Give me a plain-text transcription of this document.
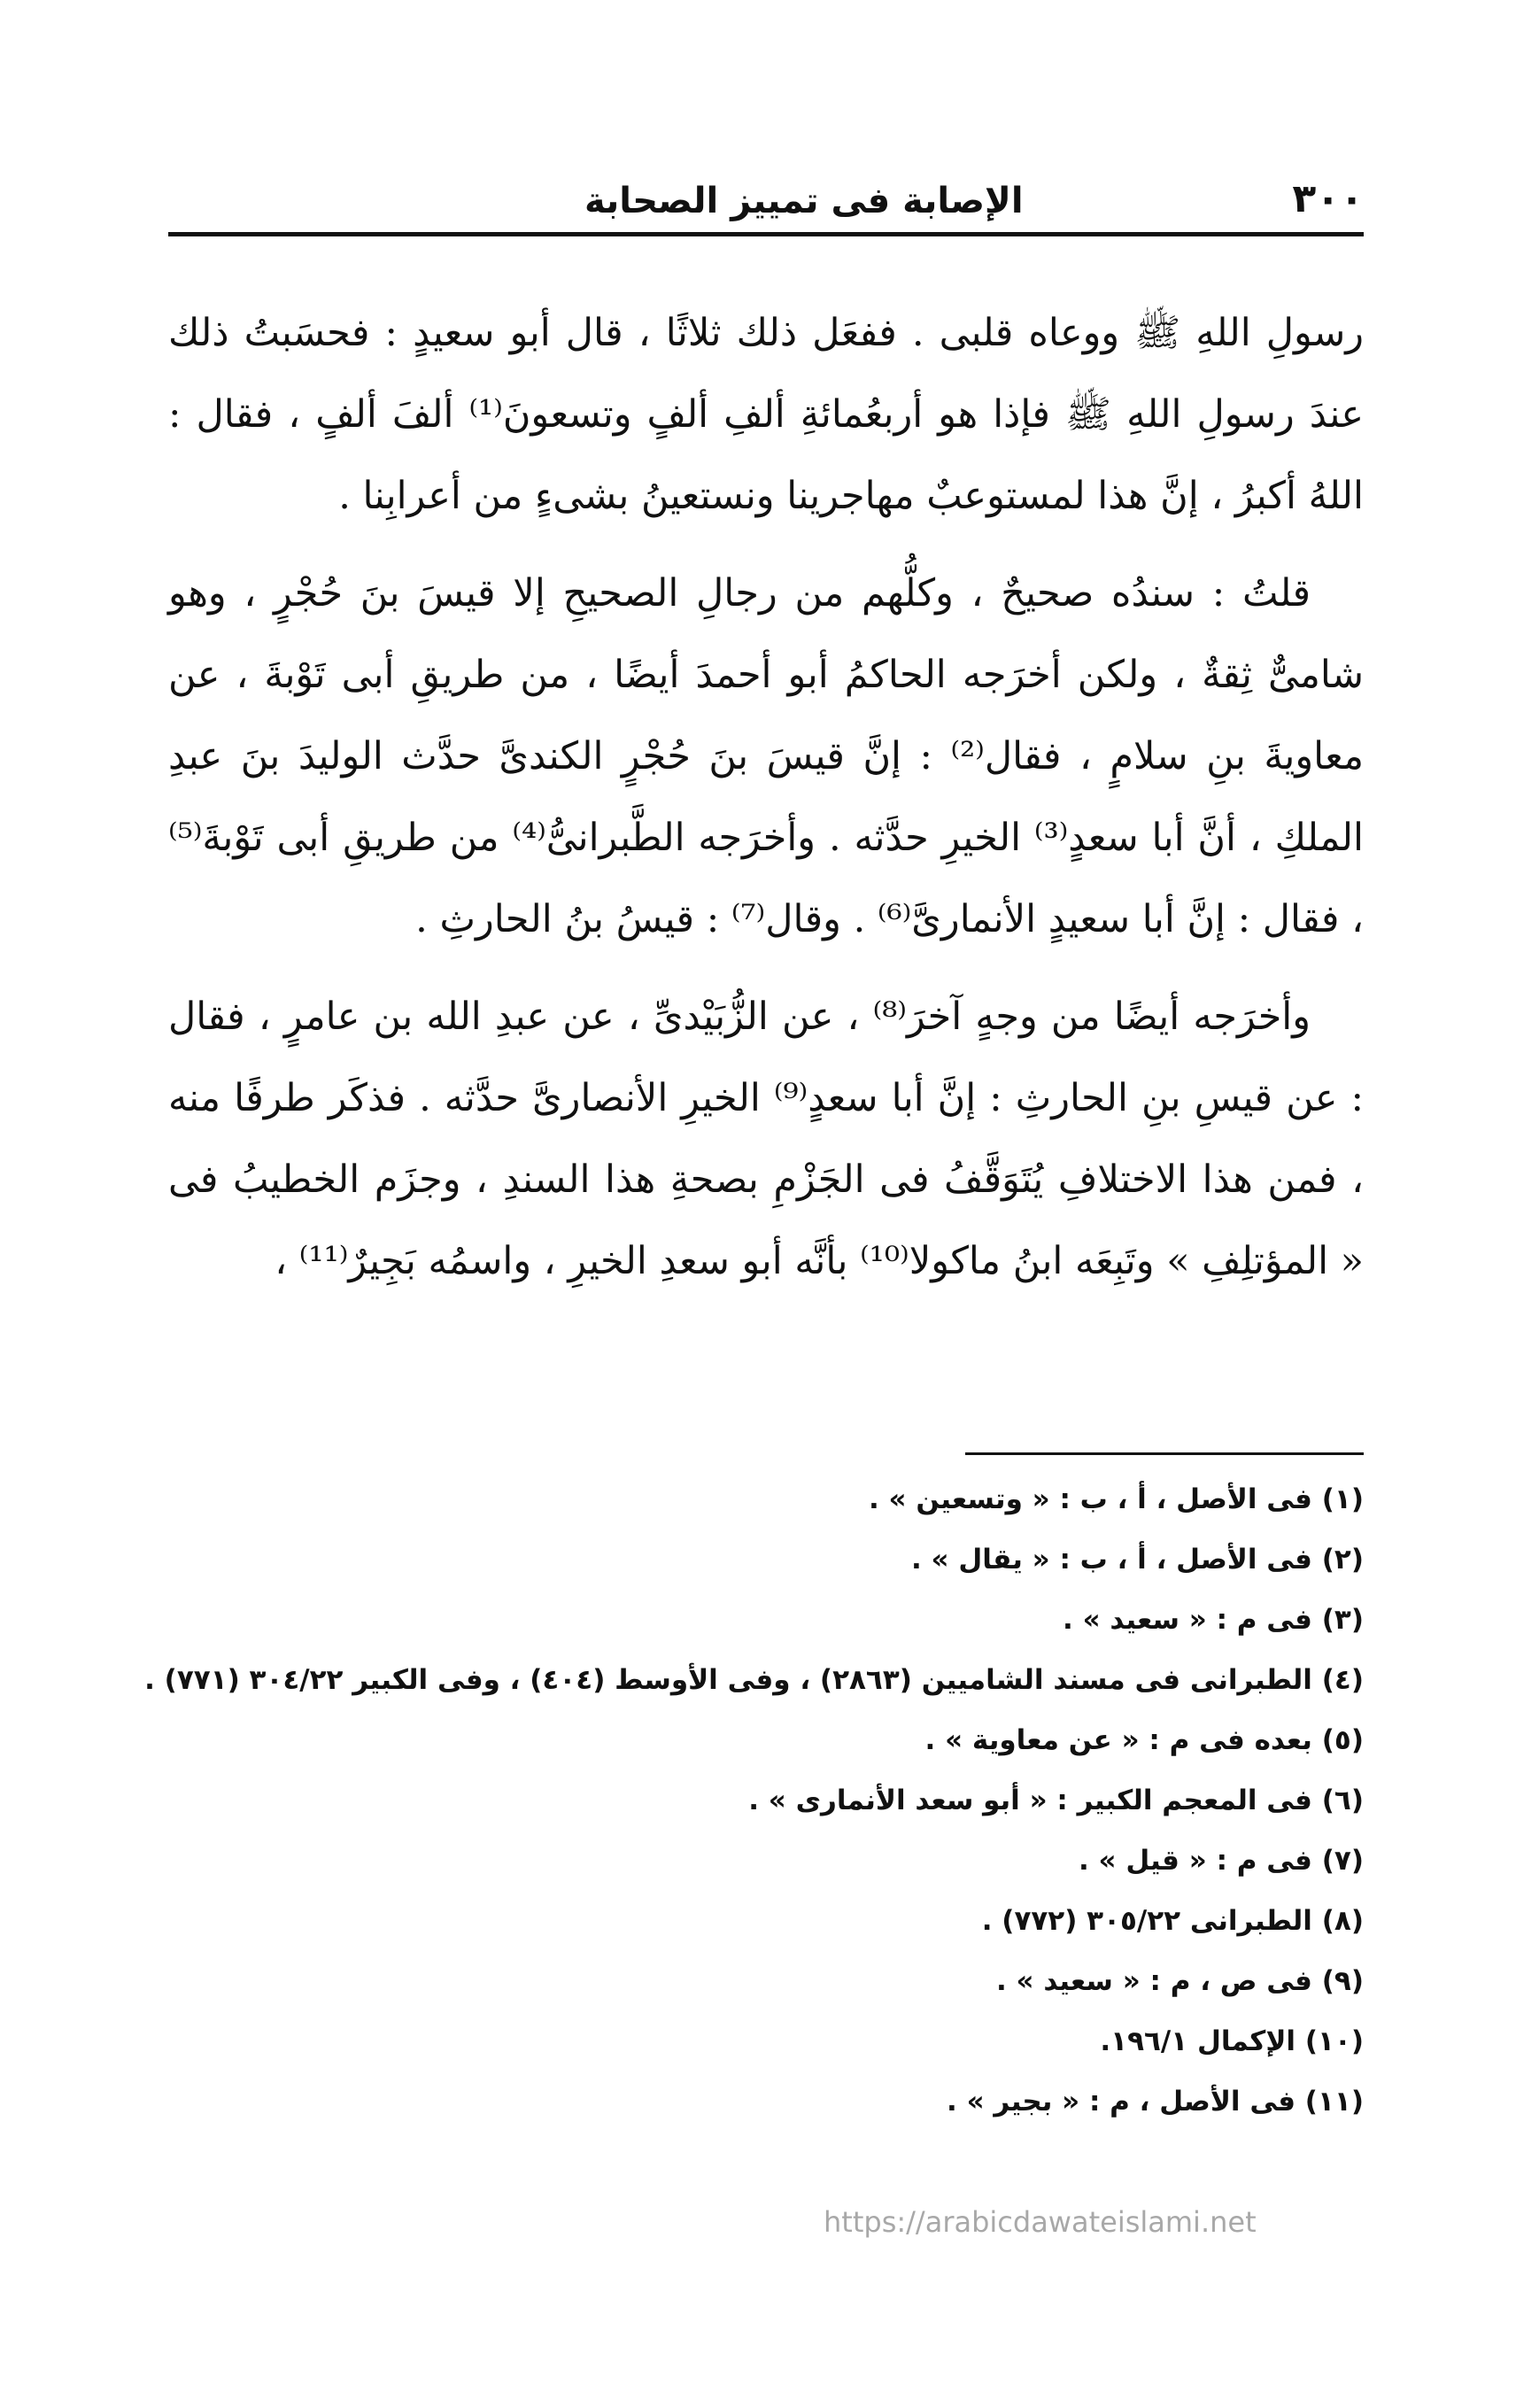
٣٠٠
الإصابة فى تمييز الصحابة

رسولِ اللهِ ﷺ ووعاه قلبى . ففعَل ذلك ثلاثًا ، قال أبو سعيدٍ : فحسَبتُ ذلك عندَ رسولِ اللهِ ﷺ فإذا هو أربعُمائةِ ألفِ ألفٍ وتسعونَ⁽¹⁾ ألفَ ألفٍ ، فقال : اللهُ أكبرُ ، إنَّ هذا لمستوعبٌ مهاجرينا ونستعينُ بشىءٍ من أعرابِنا .

قلتُ : سندُه صحيحٌ ، وكلُّهم من رجالِ الصحيحِ إلا قيسَ بنَ حُجْرٍ ، وهو شامىٌّ ثِقةٌ ، ولكن أخرَجه الحاكمُ أبو أحمدَ أيضًا ، من طريقِ أبى تَوْبةَ ، عن معاويةَ بنِ سلامٍ ، فقال⁽²⁾ : إنَّ قيسَ بنَ حُجْرٍ الكندىَّ حدَّث الوليدَ بنَ عبدِ الملكِ ، أنَّ أبا سعدٍ⁽³⁾ الخيرِ حدَّثه . وأخرَجه الطَّبرانىُّ⁽⁴⁾ من طريقِ أبى تَوْبةَ⁽⁵⁾ ، فقال : إنَّ أبا سعيدٍ الأنمارىَّ⁽⁶⁾ . وقال⁽⁷⁾ : قيسُ بنُ الحارثِ .

وأخرَجه أيضًا من وجهٍ آخرَ⁽⁸⁾ ، عن الزُّبَيْدىِّ ، عن عبدِ الله بن عامرٍ ، فقال : عن قيسِ بنِ الحارثِ : إنَّ أبا سعدٍ⁽⁹⁾ الخيرِ الأنصارىَّ حدَّثه . فذكَر طرفًا منه ، فمن هذا الاختلافِ يُتَوَقَّفُ فى الجَزْمِ بصحةِ هذا السندِ ، وجزَم الخطيبُ فى « المؤتلِفِ » وتَبِعَه ابنُ ماكولا⁽¹⁰⁾ بأنَّه أبو سعدِ الخيرِ ، واسمُه بَجِيرٌ⁽¹¹⁾ ،

(١) فى الأصل ، أ ، ب : « وتسعين » .
(٢) فى الأصل ، أ ، ب : « يقال » .
(٣) فى م : « سعيد » .
(٤) الطبرانى فى مسند الشاميين (٢٨٦٣) ، وفى الأوسط (٤٠٤) ، وفى الكبير ٣٠٤/٢٢ (٧٧١) .
(٥) بعده فى م : « عن معاوية » .
(٦) فى المعجم الكبير : « أبو سعد الأنمارى » .
(٧) فى م : « قيل » .
(٨) الطبرانى ٣٠٥/٢٢ (٧٧٢) .
(٩) فى ص ، م : « سعيد » .
(١٠) الإكمال ١٩٦/١.
(١١) فى الأصل ، م : « بجير » .
https://arabicdawateislami.net
